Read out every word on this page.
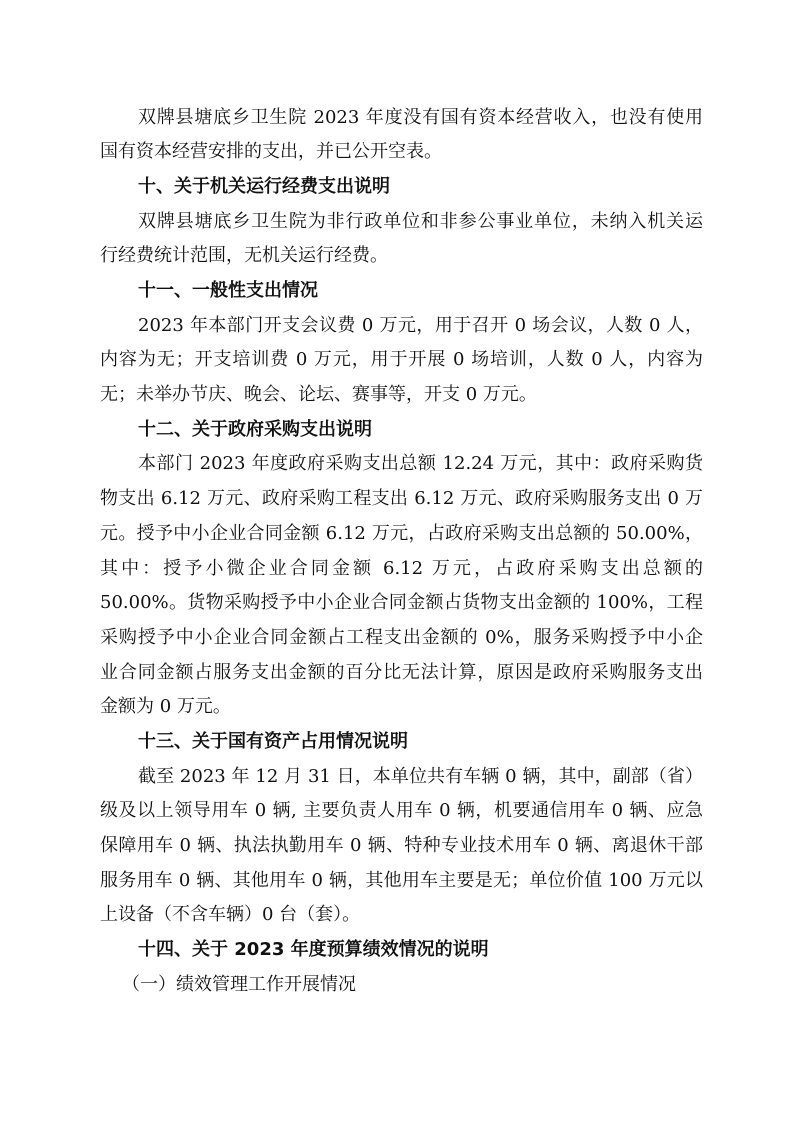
双牌县塘底乡卫生院 2023 年度没有国有资本经营收入，也没有使用
国有资本经营安排的支出，并已公开空表。
十、关于机关运行经费支出说明
双牌县塘底乡卫生院为非行政单位和非参公事业单位，未纳入机关运
行经费统计范围，无机关运行经费。
十一、一般性支出情况
2023 年本部门开支会议费 0 万元，用于召开 0 场会议，人数 0 人，
内容为无；开支培训费 0 万元，用于开展 0 场培训，人数 0 人，内容为
无；未举办节庆、晚会、论坛、赛事等，开支 0 万元。
十二、关于政府采购支出说明
本部门 2023 年度政府采购支出总额 12.24 万元，其中：政府采购货
物支出 6.12 万元、政府采购工程支出 6.12 万元、政府采购服务支出 0 万
元。授予中小企业合同金额 6.12 万元，占政府采购支出总额的 50.00%，
其中：授予小微企业合同金额 6.12 万元，占政府采购支出总额的
50.00%。货物采购授予中小企业合同金额占货物支出金额的 100%，工程
采购授予中小企业合同金额占工程支出金额的 0%，服务采购授予中小企
业合同金额占服务支出金额的百分比无法计算，原因是政府采购服务支出
金额为 0 万元。
十三、关于国有资产占用情况说明
截至 2023 年 12 月 31 日，本单位共有车辆 0 辆，其中，副部（省）
级及以上领导用车 0 辆, 主要负责人用车 0 辆，机要通信用车 0 辆、应急
保障用车 0 辆、执法执勤用车 0 辆、特种专业技术用车 0 辆、离退休干部
服务用车 0 辆、其他用车 0 辆，其他用车主要是无；单位价值 100 万元以
上设备（不含车辆）0 台（套）。
十四、关于 2023 年度预算绩效情况的说明
（一）绩效管理工作开展情况
